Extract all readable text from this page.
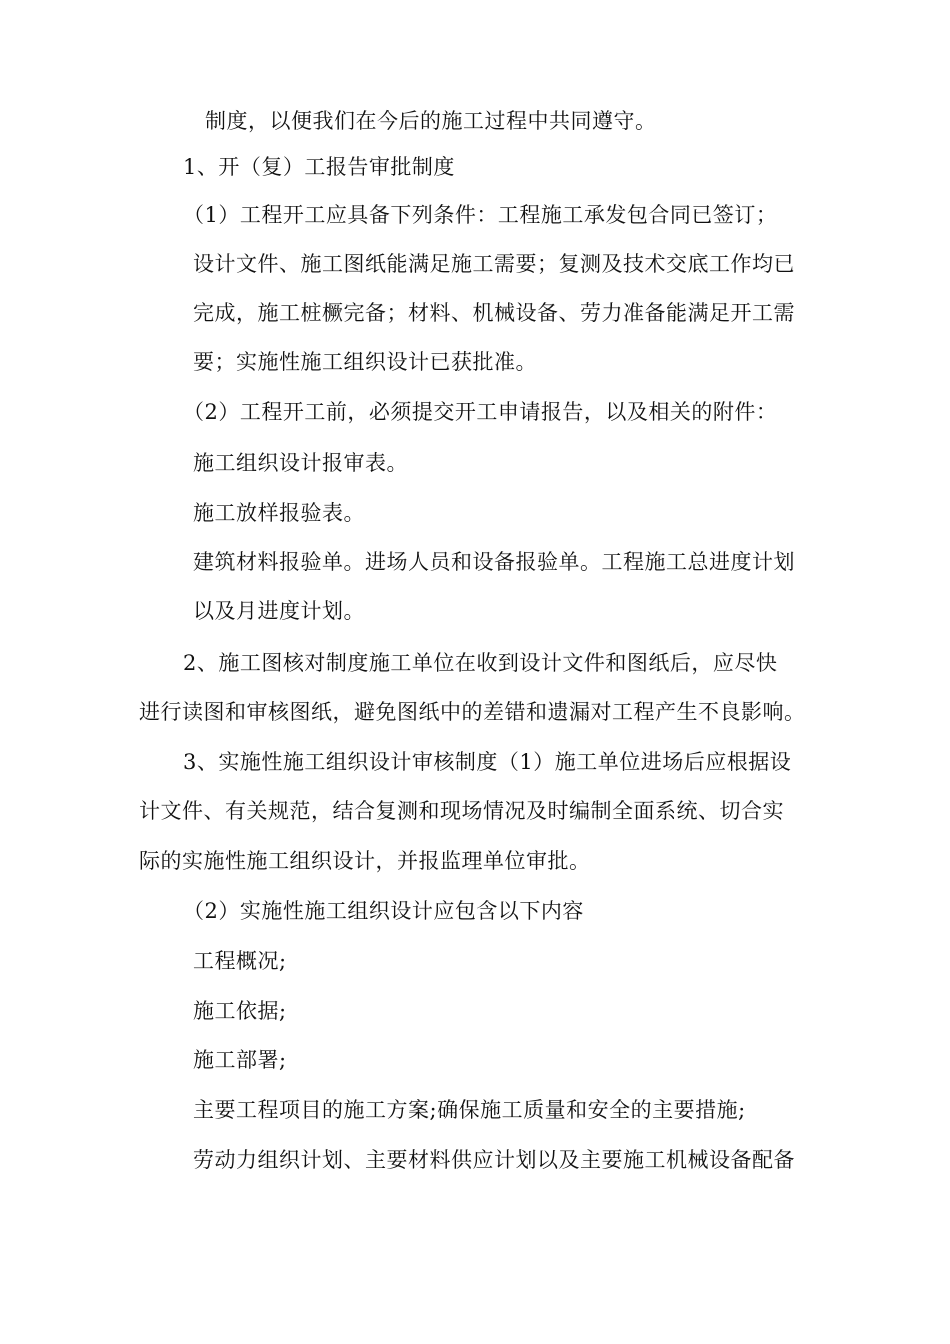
制度，以便我们在今后的施工过程中共同遵守。
1、开（复）工报告审批制度
（1）工程开工应具备下列条件：工程施工承发包合同已签订；
设计文件、施工图纸能满足施工需要；复测及技术交底工作均已
完成，施工桩橛完备；材料、机械设备、劳力准备能满足开工需
要；实施性施工组织设计已获批准。
（2）工程开工前，必须提交开工申请报告，以及相关的附件：
施工组织设计报审表。
施工放样报验表。
建筑材料报验单。进场人员和设备报验单。工程施工总进度计划
以及月进度计划。
2、施工图核对制度施工单位在收到设计文件和图纸后，应尽快
进行读图和审核图纸，避免图纸中的差错和遗漏对工程产生不良影响。
3、实施性施工组织设计审核制度（1）施工单位进场后应根据设
计文件、有关规范，结合复测和现场情况及时编制全面系统、切合实
际的实施性施工组织设计，并报监理单位审批。
（2）实施性施工组织设计应包含以下内容
工程概况;
施工依据;
施工部署;
主要工程项目的施工方案;确保施工质量和安全的主要措施;
劳动力组织计划、主要材料供应计划以及主要施工机械设备配备
